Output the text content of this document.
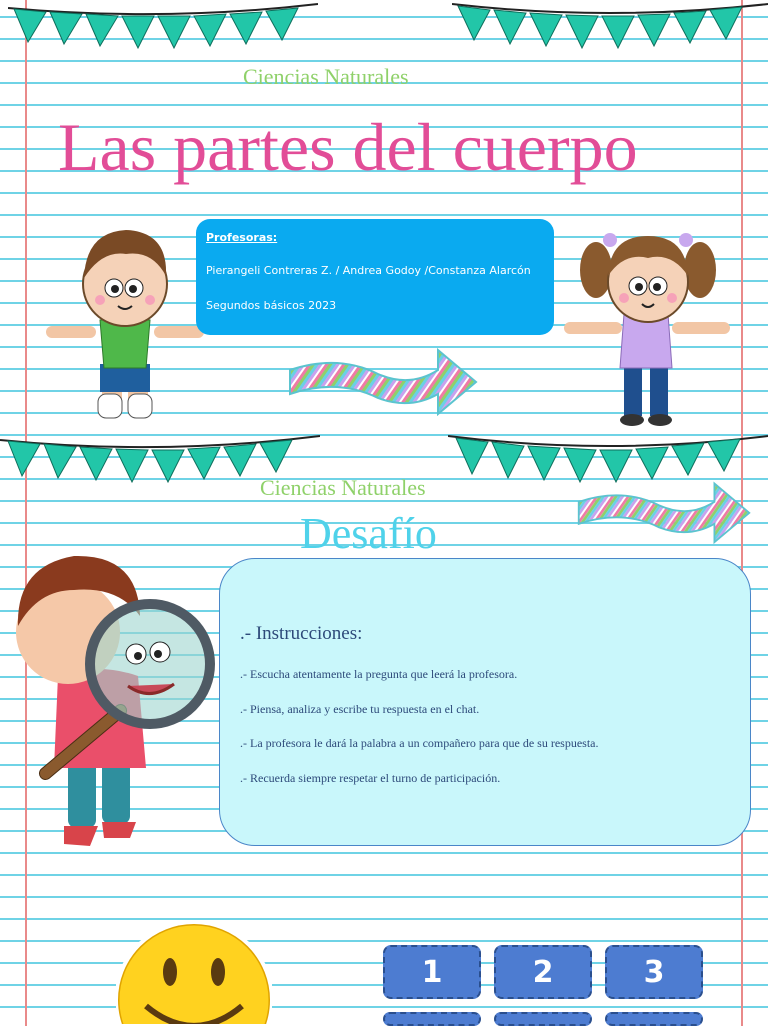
Ciencias Naturales
Las partes del cuerpo
Profesoras:
Pierangeli Contreras Z. / Andrea Godoy /Constanza Alarcón
Segundos básicos 2023
Ciencias Naturales
Desafío
.- Instrucciones:
.- Escucha atentamente la pregunta que leerá la profesora.
.- Piensa, analiza y escribe tu respuesta en el chat.
.- La profesora le dará la palabra a un compañero para que de su respuesta.
.- Recuerda siempre respetar el turno de participación.
1	2	3
